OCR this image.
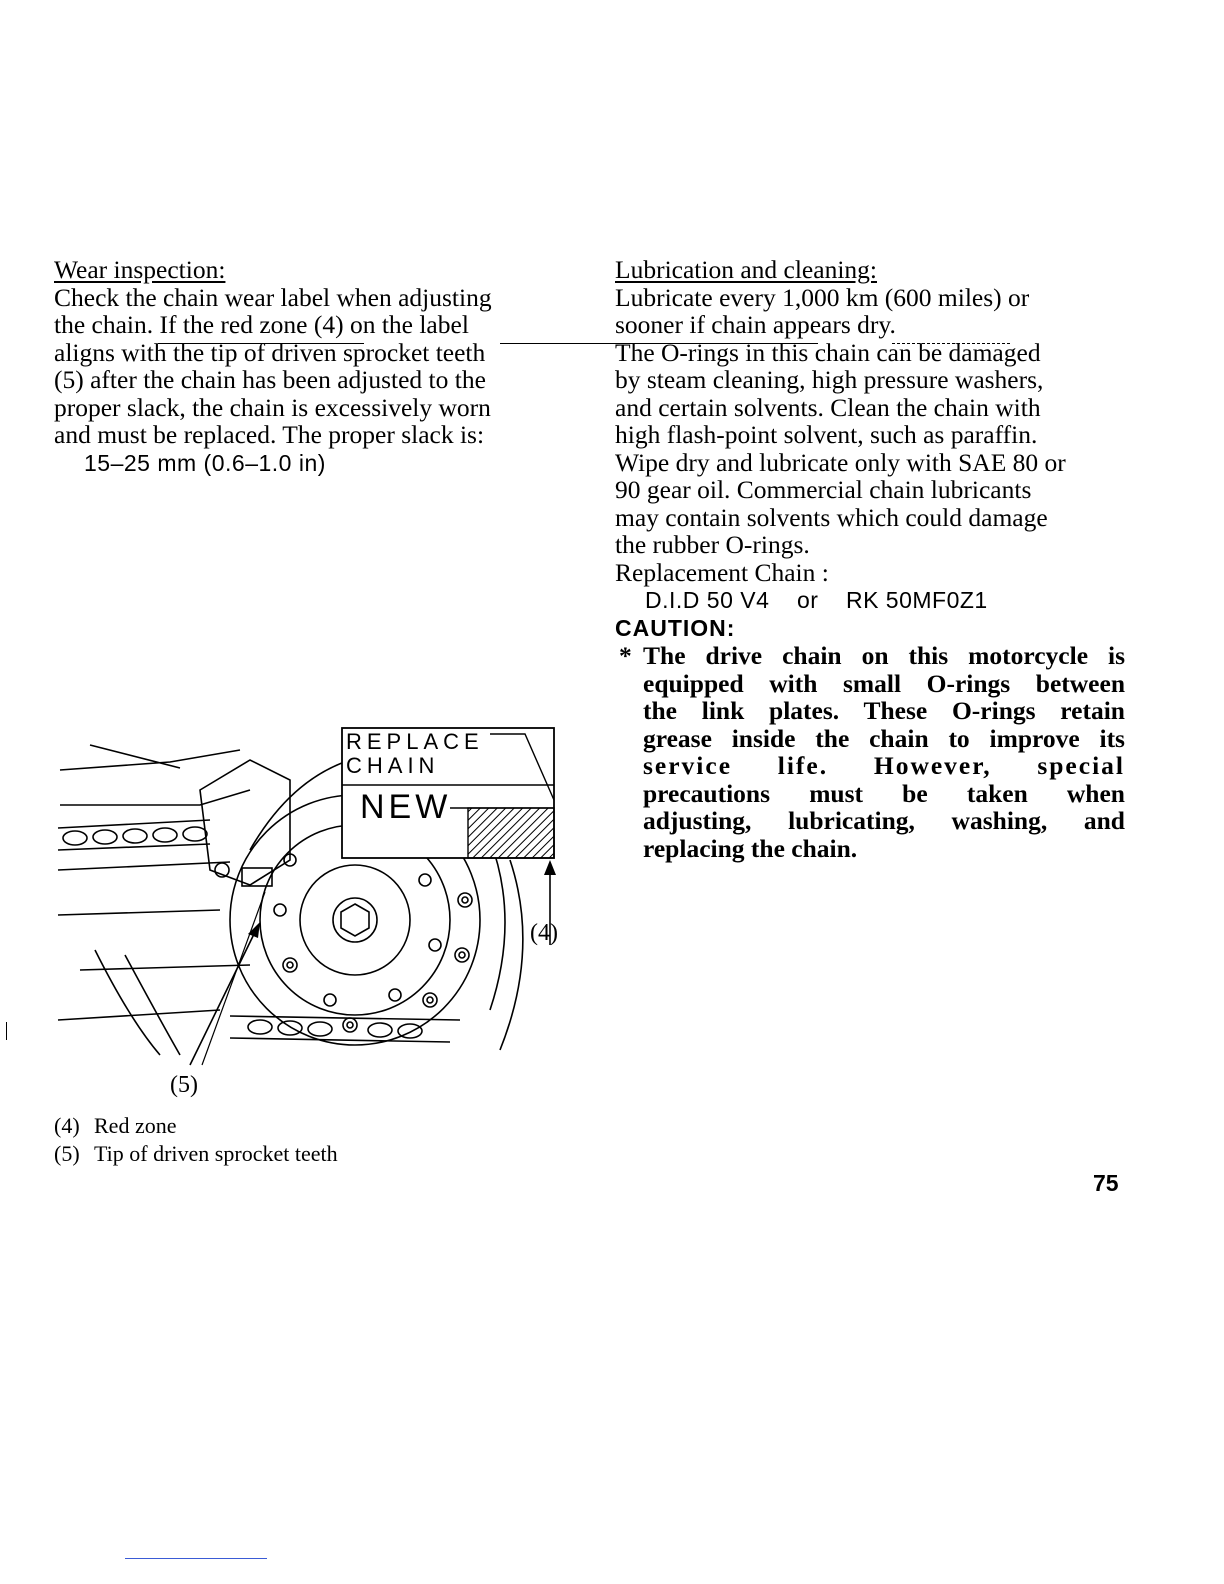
Wear inspection:
Check the chain wear label when adjusting
the chain. If the red zone (4) on the label
aligns with the tip of driven sprocket teeth
(5) after the chain has been adjusted to the
proper slack, the chain is excessively worn
and must be replaced. The proper slack is:
15–25 mm (0.6–1.0 in)
REPLACE
CHAIN
NEW
(4)
(5)
(4) Red zone
(5) Tip of driven sprocket teeth
Lubrication and cleaning:
Lubricate every 1,000 km (600 miles) or
sooner if chain appears dry.
The O-rings in this chain can be damaged
by steam cleaning, high pressure washers,
and certain solvents. Clean the chain with
high flash-point solvent, such as paraffin.
Wipe dry and lubricate only with SAE 80 or
90 gear oil. Commercial chain lubricants
may contain solvents which could damage
the rubber O-rings.
Replacement Chain :
D.I.D 50 V4    or    RK 50MF0Z1
CAUTION:
* The drive chain on this motorcycle is
equipped with small O-rings between
the link plates. These O-rings retain
grease inside the chain to improve its
service life. However, special
precautions must be taken when
adjusting, lubricating, washing, and
replacing the chain.
75
